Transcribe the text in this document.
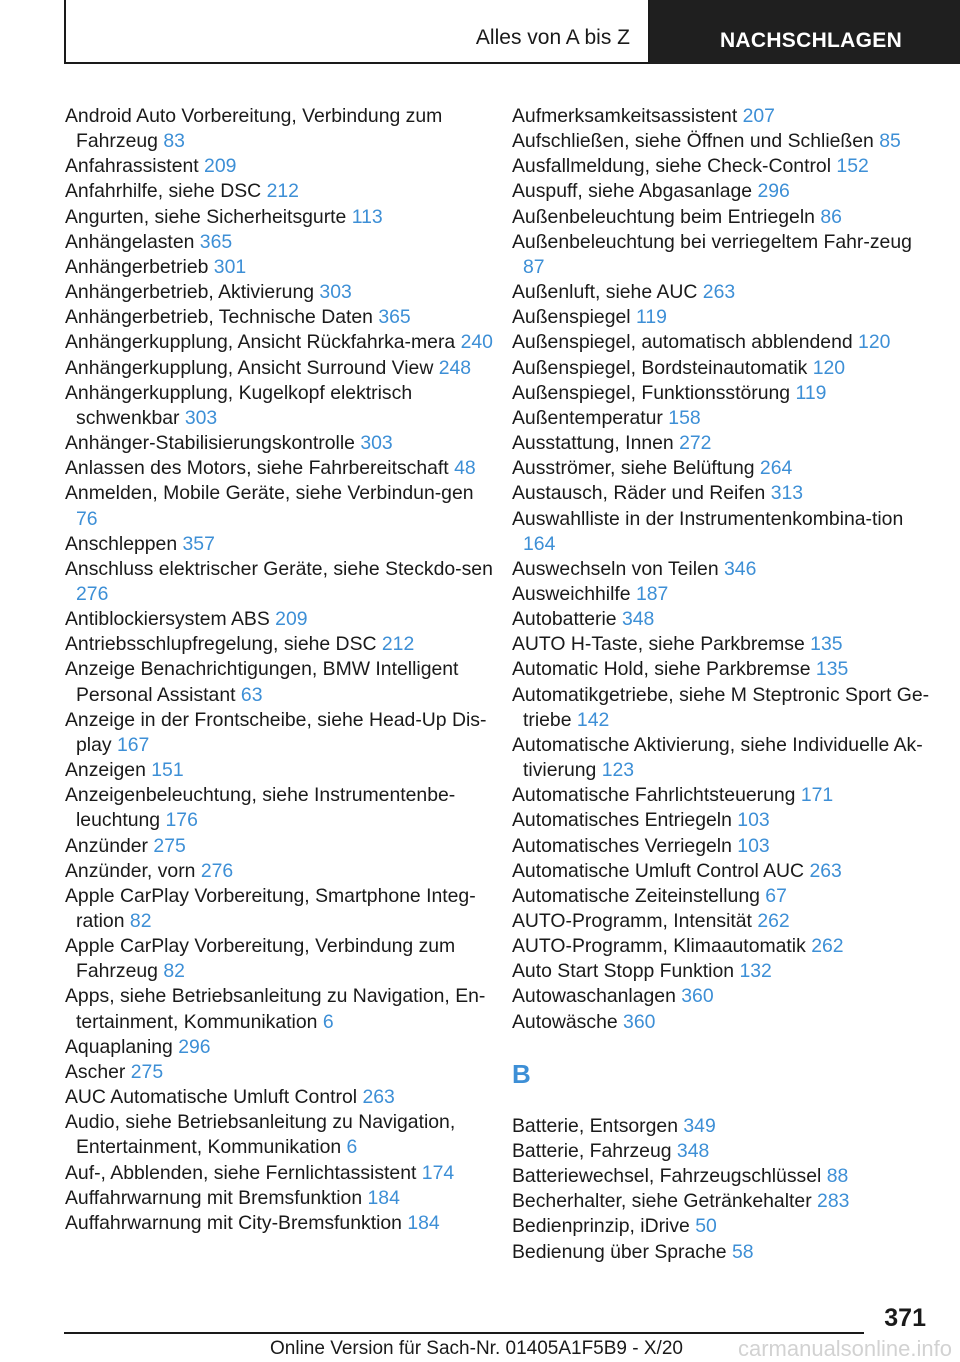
Alles von A bis Z	NACHSCHLAGEN
Android Auto Vorbereitung, Verbindung zum Fahrzeug 83
Anfahrassistent 209
Anfahrhilfe, siehe DSC 212
Angurten, siehe Sicherheitsgurte 113
Anhängelasten 365
Anhängerbetrieb 301
Anhängerbetrieb, Aktivierung 303
Anhängerbetrieb, Technische Daten 365
Anhängerkupplung, Ansicht Rückfahrka-mera 240
Anhängerkupplung, Ansicht Surround View 248
Anhängerkupplung, Kugelkopf elektrisch schwenkbar 303
Anhänger-Stabilisierungskontrolle 303
Anlassen des Motors, siehe Fahrbereitschaft 48
Anmelden, Mobile Geräte, siehe Verbindun-gen 76
Anschleppen 357
Anschluss elektrischer Geräte, siehe Steckdo-sen 276
Antiblockiersystem ABS 209
Antriebsschlupfregelung, siehe DSC 212
Anzeige Benachrichtigungen, BMW Intelligent Personal Assistant 63
Anzeige in der Frontscheibe, siehe Head-Up Dis-play 167
Anzeigen 151
Anzeigenbeleuchtung, siehe Instrumentenbe-leuchtung 176
Anzünder 275
Anzünder, vorn 276
Apple CarPlay Vorbereitung, Smartphone Integ-ration 82
Apple CarPlay Vorbereitung, Verbindung zum Fahrzeug 82
Apps, siehe Betriebsanleitung zu Navigation, En-tertainment, Kommunikation 6
Aquaplaning 296
Ascher 275
AUC Automatische Umluft Control 263
Audio, siehe Betriebsanleitung zu Navigation, Entertainment, Kommunikation 6
Auf-, Abblenden, siehe Fernlichtassistent 174
Auffahrwarnung mit Bremsfunktion 184
Auffahrwarnung mit City-Bremsfunktion 184
Aufmerksamkeitsassistent 207
Aufschließen, siehe Öffnen und Schließen 85
Ausfallmeldung, siehe Check-Control 152
Auspuff, siehe Abgasanlage 296
Außenbeleuchtung beim Entriegeln 86
Außenbeleuchtung bei verriegeltem Fahr-zeug 87
Außenluft, siehe AUC 263
Außenspiegel 119
Außenspiegel, automatisch abblendend 120
Außenspiegel, Bordsteinautomatik 120
Außenspiegel, Funktionsstörung 119
Außentemperatur 158
Ausstattung, Innen 272
Ausströmer, siehe Belüftung 264
Austausch, Räder und Reifen 313
Auswahlliste in der Instrumentenkombina-tion 164
Auswechseln von Teilen 346
Ausweichhilfe 187
Autobatterie 348
AUTO H-Taste, siehe Parkbremse 135
Automatic Hold, siehe Parkbremse 135
Automatikgetriebe, siehe M Steptronic Sport Ge-triebe 142
Automatische Aktivierung, siehe Individuelle Ak-tivierung 123
Automatische Fahrlichtsteuerung 171
Automatisches Entriegeln 103
Automatisches Verriegeln 103
Automatische Umluft Control AUC 263
Automatische Zeiteinstellung 67
AUTO-Programm, Intensität 262
AUTO-Programm, Klimaautomatik 262
Auto Start Stopp Funktion 132
Autowaschanlagen 360
Autowäsche 360
B
Batterie, Entsorgen 349
Batterie, Fahrzeug 348
Batteriewechsel, Fahrzeugschlüssel 88
Becherhalter, siehe Getränkehalter 283
Bedienprinzip, iDrive 50
Bedienung über Sprache 58
371
Online Version für Sach-Nr. 01405A1F5B9 - X/20	carmanualsonline.info
